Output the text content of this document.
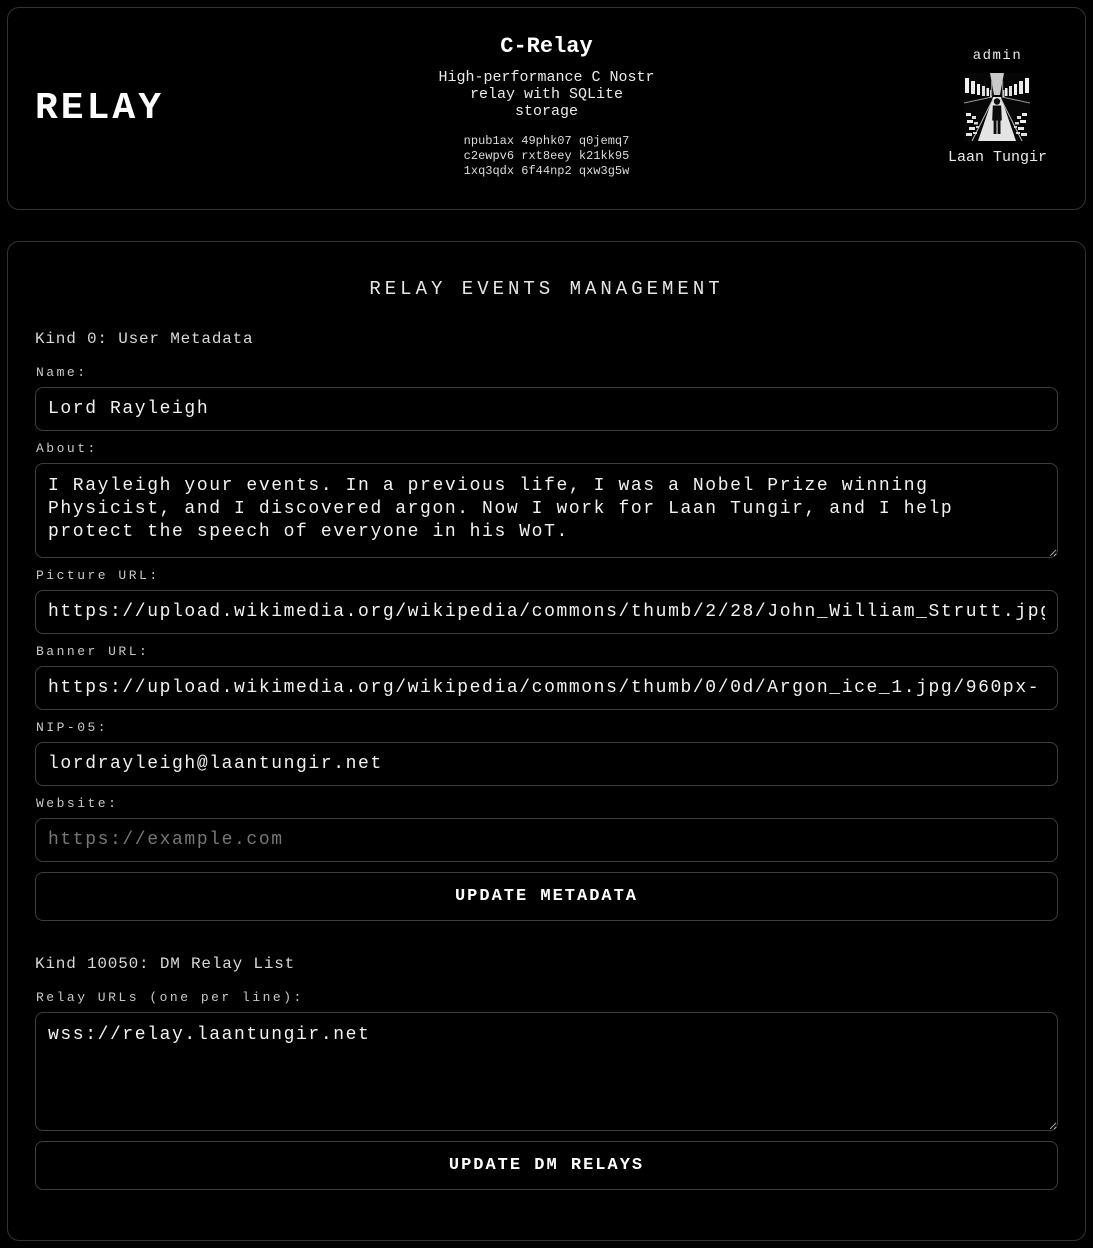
RELAY
C-Relay
High-performance C Nostr relay with SQLite storage
npub1ax 49phk07 q0jemq7
c2ewpv6 rxt8eey k21kk95
1xq3qdx 6f44np2 qxw3g5w
admin
Laan Tungir
RELAY EVENTS MANAGEMENT
Kind 0: User Metadata
Name:
Lord Rayleigh
About:
I Rayleigh your events. In a previous life, I was a Nobel Prize winning Physicist, and I discovered argon. Now I work for Laan Tungir, and I help protect the speech of everyone in his WoT.
Picture URL:
https://upload.wikimedia.org/wikipedia/commons/thumb/2/28/John_William_Strutt.jpg
Banner URL:
https://upload.wikimedia.org/wikipedia/commons/thumb/0/0d/Argon_ice_1.jpg/960px-
NIP-05:
lordrayleigh@laantungir.net
Website:
https://example.com
UPDATE METADATA
Kind 10050: DM Relay List
Relay URLs (one per line):
wss://relay.laantungir.net
UPDATE DM RELAYS
